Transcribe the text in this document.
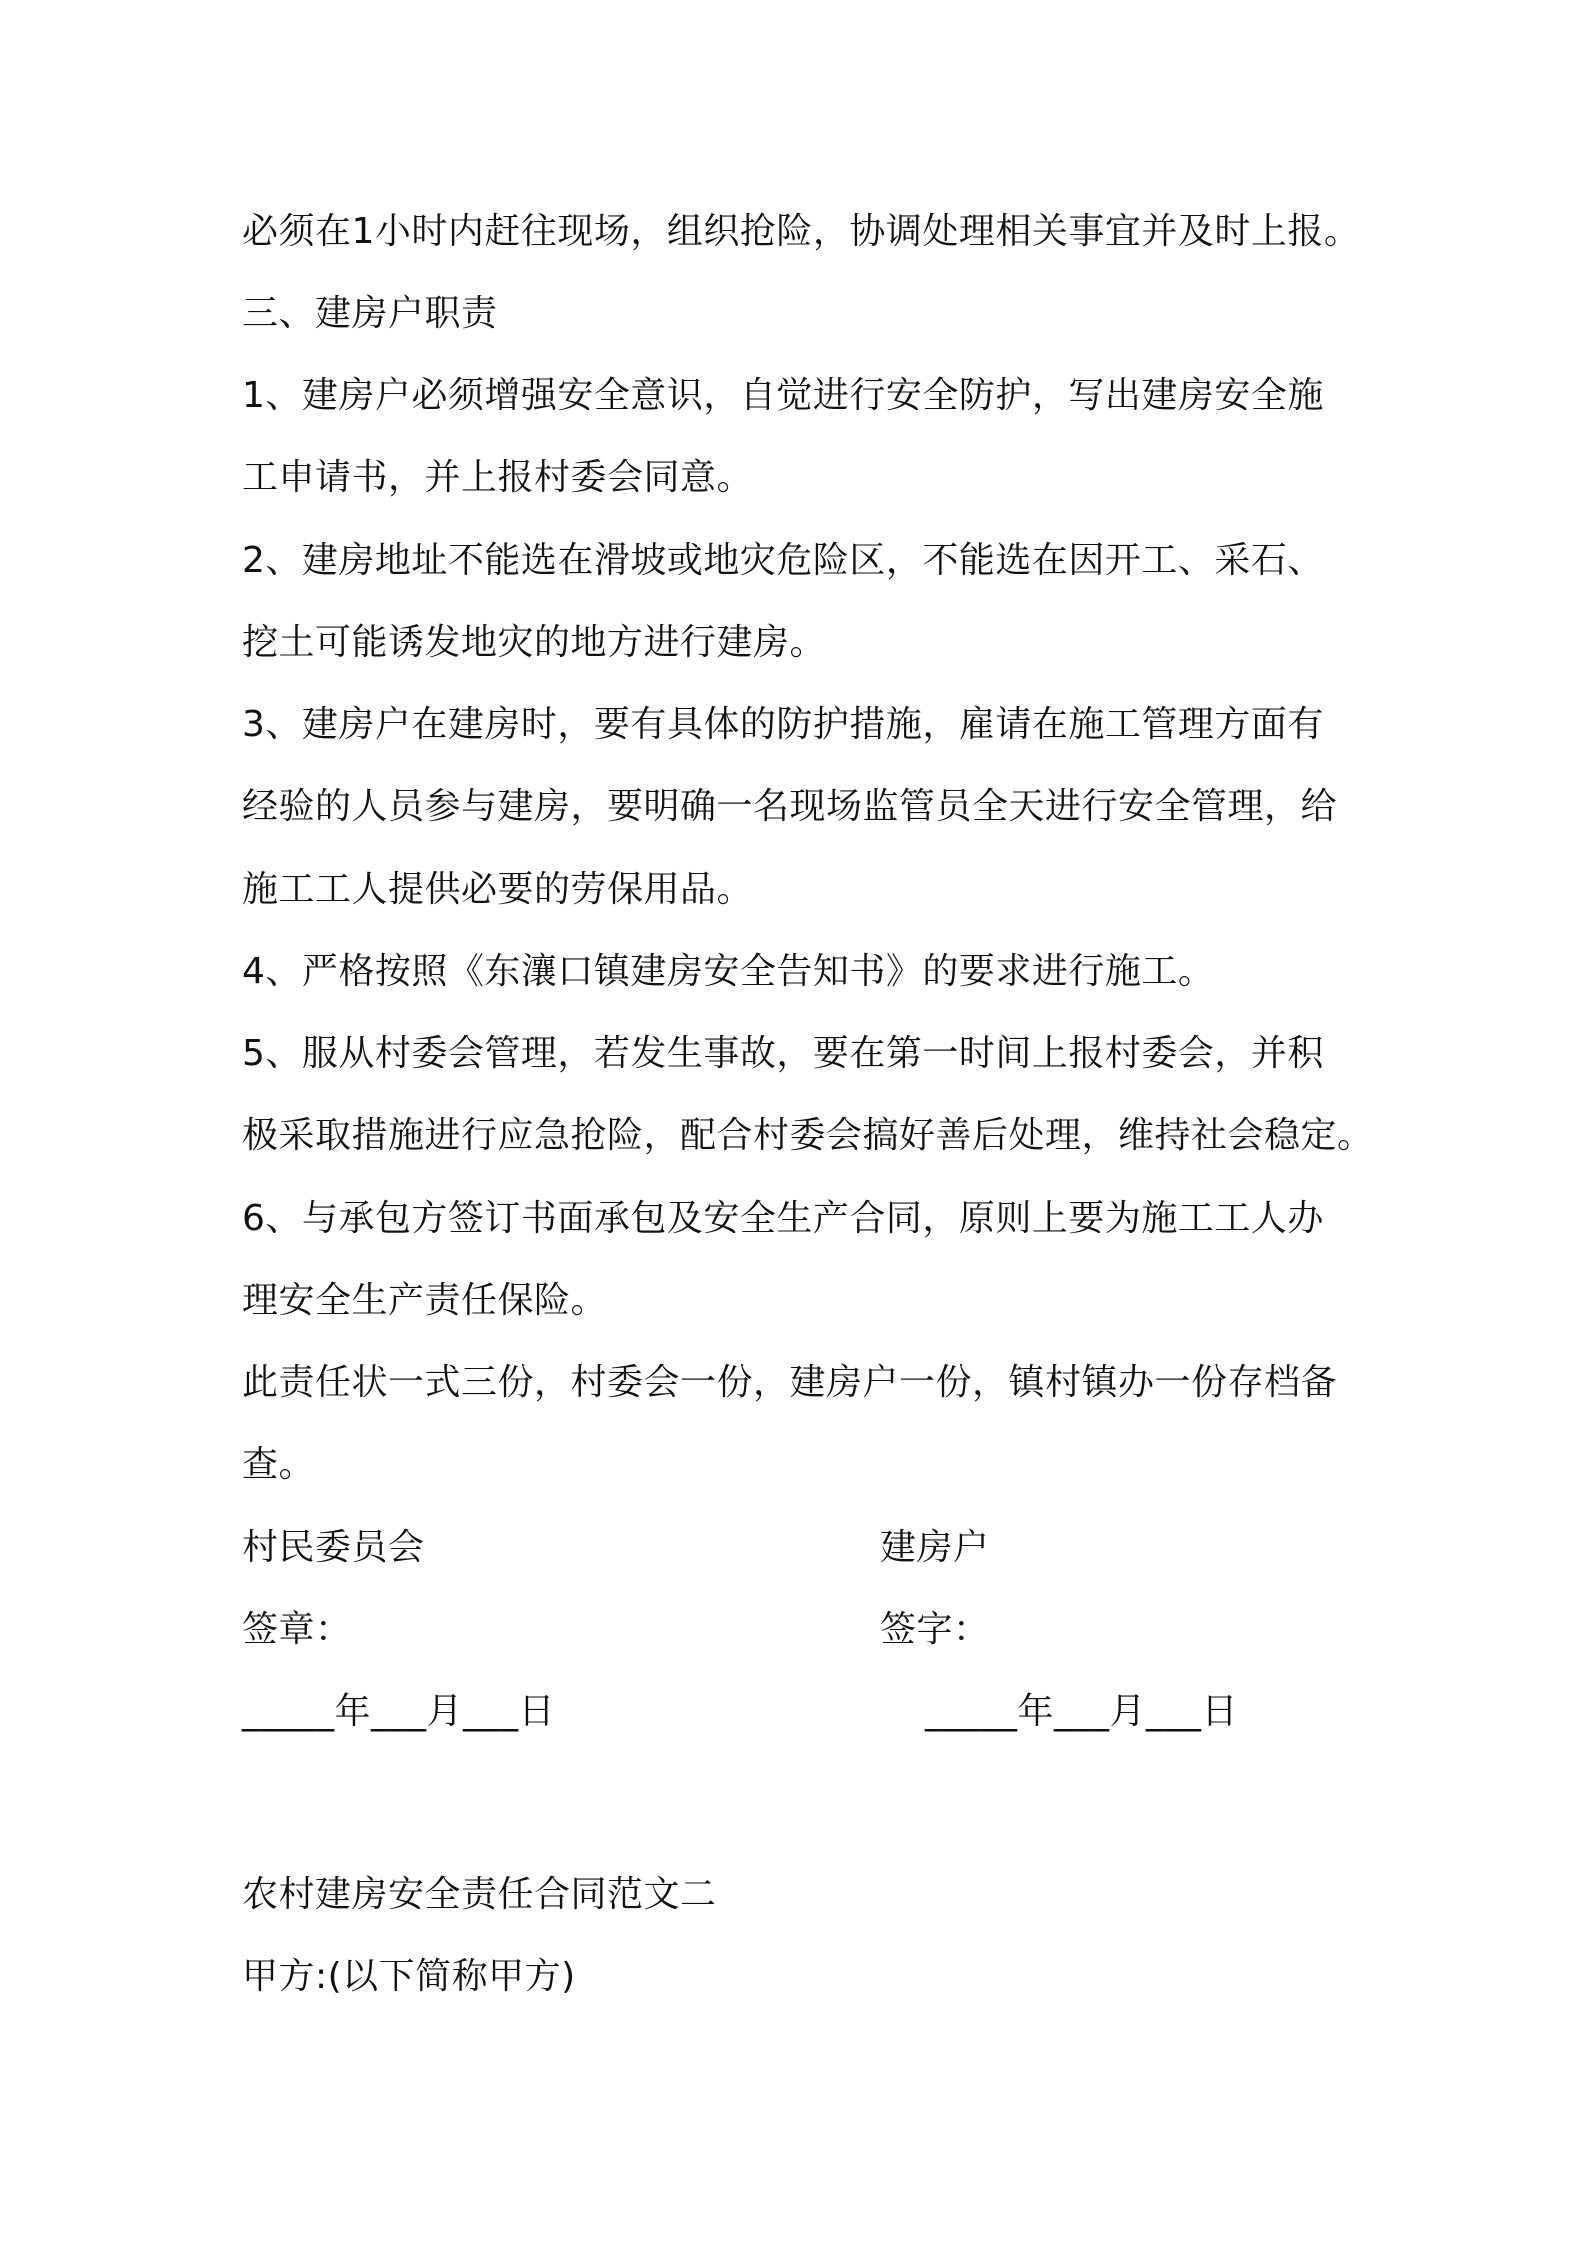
必须在1小时内赶往现场，组织抢险，协调处理相关事宜并及时上报。
三、建房户职责
1、建房户必须增强安全意识，自觉进行安全防护，写出建房安全施
工申请书，并上报村委会同意。
2、建房地址不能选在滑坡或地灾危险区，不能选在因开工、采石、
挖土可能诱发地灾的地方进行建房。
3、建房户在建房时，要有具体的防护措施，雇请在施工管理方面有
经验的人员参与建房，要明确一名现场监管员全天进行安全管理，给
施工工人提供必要的劳保用品。
4、严格按照《东瀼口镇建房安全告知书》的要求进行施工。
5、服从村委会管理，若发生事故，要在第一时间上报村委会，并积
极采取措施进行应急抢险，配合村委会搞好善后处理，维持社会稳定。
6、与承包方签订书面承包及安全生产合同，原则上要为施工工人办
理安全生产责任保险。
此责任状一式三份，村委会一份，建房户一份，镇村镇办一份存档备
查。
村民委员会	建房户
签章：	签字：
_____年___月___日	_____年___月___日
农村建房安全责任合同范文二
甲方:(以下简称甲方)
